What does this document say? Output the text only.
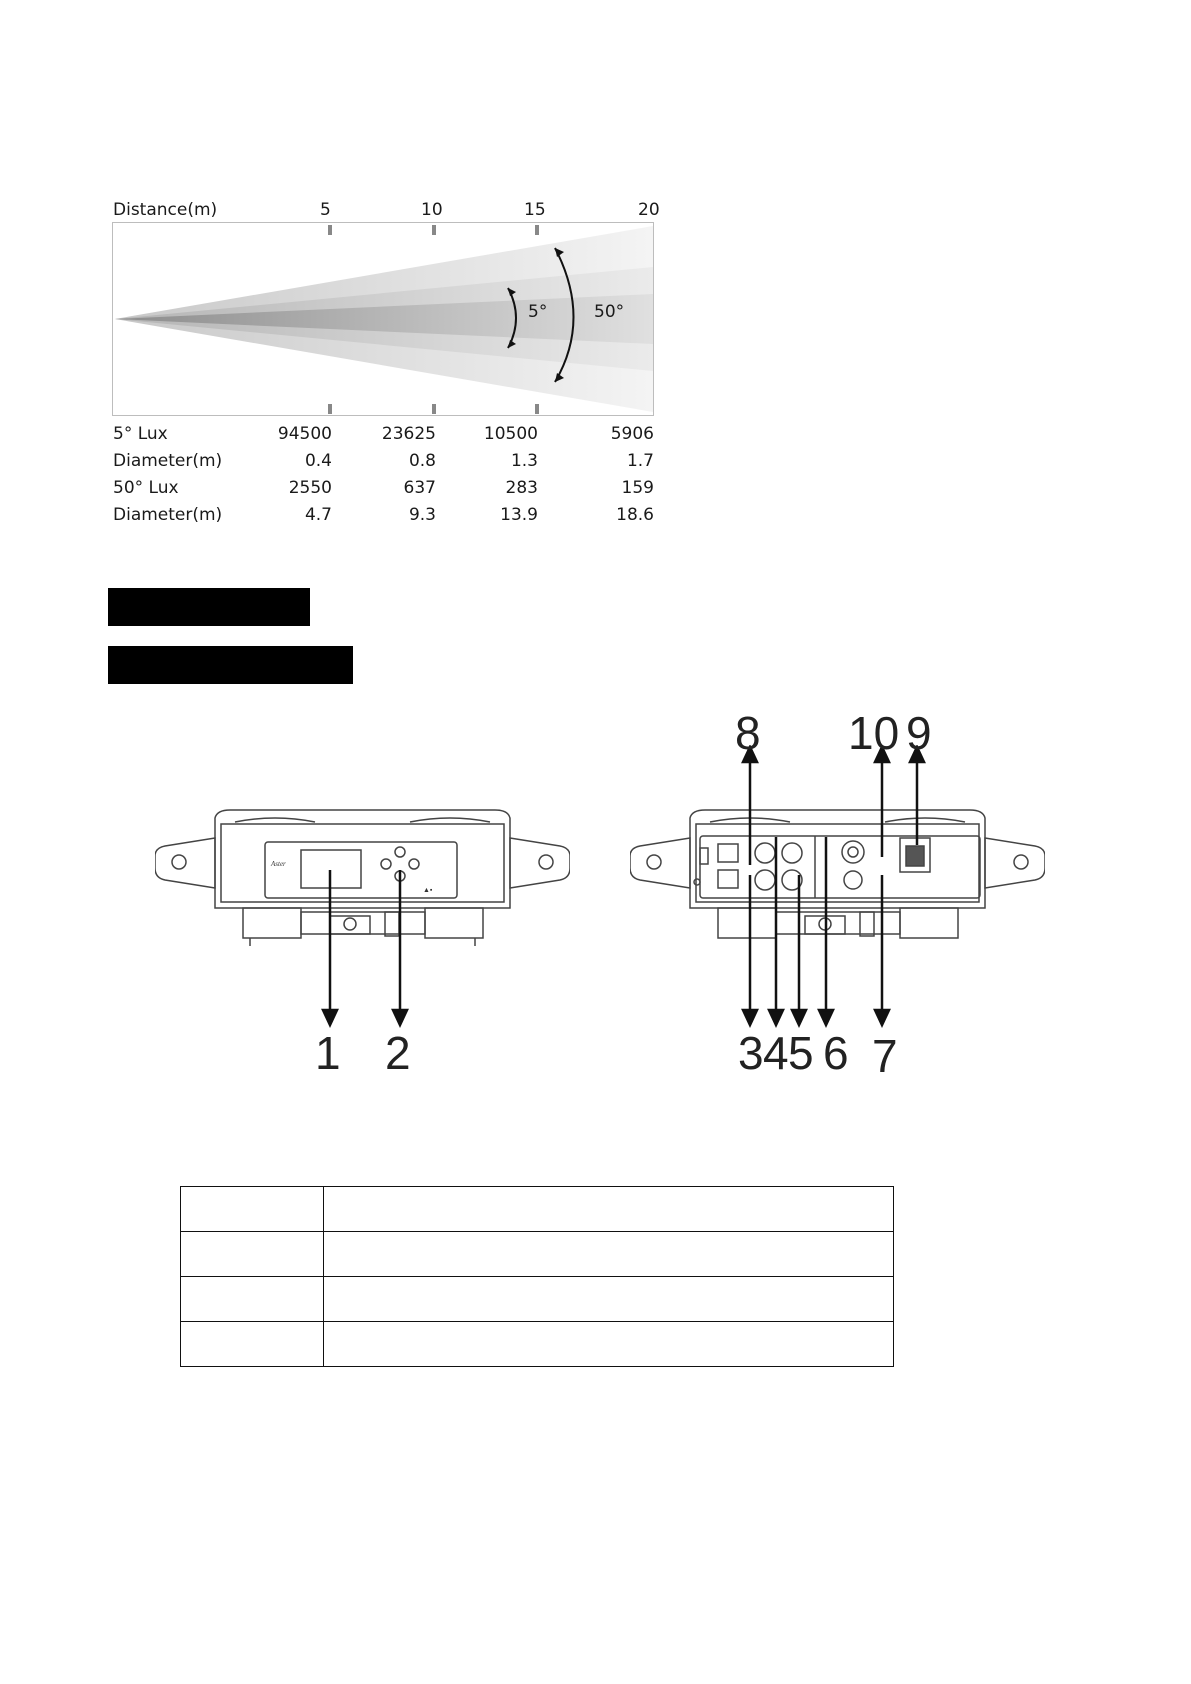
Distance(m)	5	10	15	20
5°	50°
5° Lux	94500	23625	10500	5906
Diameter(m)	0.4	0.8	1.3	1.7
50° Lux	2550	637	283	159
Diameter(m)	4.7	9.3	13.9	18.6
Aster
▲▪
1 2
8 10 9
3 4 5 6 7
